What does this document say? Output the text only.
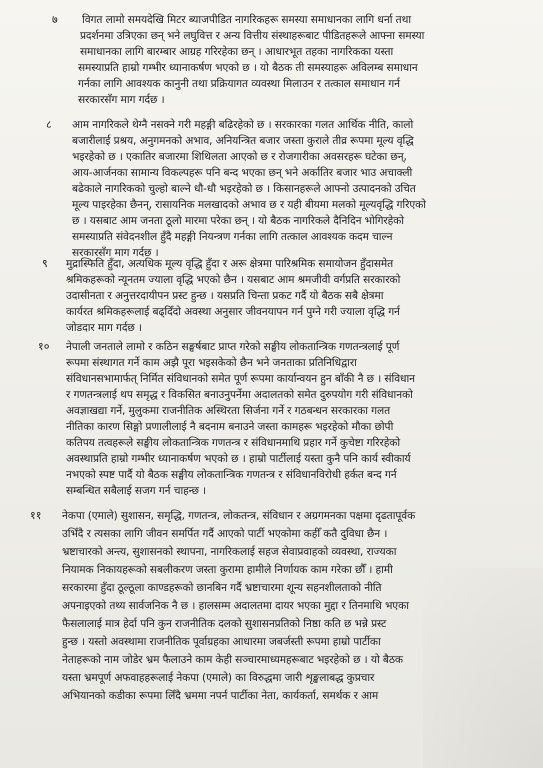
७ विगत लामो समयदेखि मिटर ब्याजपीडित नागरिकहरू समस्या समाधानका लागि धर्ना तथा
प्रदर्शनमा उत्रिएका छन् भने लघुवित्त र अन्य वित्तीय संस्थाहरूबाट पीडितहरूले आफ्ना समस्या
समाधानका लागि बारम्बार आग्रह गरिरहेका छन् । आधारभूत तहका नागरिकका यस्ता
समस्याप्रति हाम्रो गम्भीर ध्यानाकर्षण भएको छ । यो बैठक ती समस्याहरू अविलम्ब समाधान
गर्नका लागि आवश्यक कानुनी तथा प्रक्रियागत व्यवस्था मिलाउन र तत्काल समाधान गर्न
सरकारसँग माग गर्दछ ।
८ आम नागरिकले थेग्नै नसक्ने गरी महङ्गी बढिरहेको छ । सरकारका गलत आर्थिक नीति, कालो
बजारीलाई प्रश्रय, अनुगमनको अभाव, अनियन्त्रित बजार जस्ता कुराले तीव्र रूपमा मूल्य वृद्धि
भइरहेको छ । एकातिर बजारमा शिथिलता आएको छ र रोजगारीका अवसरहरू घटेका छन्,
आय-आर्जनका सामान्य विकल्पहरू पनि बन्द भएका छन् भने अर्कातिर बजार भाउ अचाक्ली
बढेकाले नागरिकको चुल्हो बाल्ने धौ-धौ भइरहेको छ । किसानहरूले आफ्नो उत्पादनको उचित
मूल्य पाइरहेका छैनन्, रासायनिक मलखादको अभाव छ र यही बीयमा मलको मूल्यवृद्धि गरिएको
छ । यसबाट आम जनता ठूलो मारमा परेका छन् । यो बैठक नागरिकले दैनिदिन भोगिरहेको
समस्याप्रति संवेदनशील हुँदै महङ्गी नियन्त्रण गर्नका लागि तत्काल आवश्यक कदम चाल्न
सरकारसँग माग गर्दछ ।
९ मुद्रास्फिति हुँदा, अत्यधिक मूल्य वृद्धि हुँदा र अरू क्षेत्रमा पारिश्रमिक समायोजन हुँदासमेत
श्रमिकहरूको न्यूनतम ज्याला वृद्धि भएको छैन । यसबाट आम श्रमजीवी वर्गप्रति सरकारको
उदासीनता र अनुत्तरदायीपन प्रस्ट हुन्छ । यसप्रति चिन्ता प्रकट गर्दै यो बैठक सबै क्षेत्रमा
कार्यरत श्रमिकहरूलाई बढ्दिँदो अवस्था अनुसार जीवनयापन गर्न पुग्ने गरी ज्याला वृद्धि गर्न
जोडदार माग गर्दछ ।
१० नेपाली जनताले लामो र कठिन सङ्घर्षबाट प्राप्त गरेको सङ्घीय लोकतान्त्रिक गणतन्त्रलाई पूर्ण
रूपमा संस्थागत गर्ने काम अझै पूरा भइसकेको छैन भने जनताका प्रतिनिधिद्वारा
संविधानसभामार्फत् निर्मित संविधानको समेत पूर्ण रूपमा कार्यान्वयन हुन बाँकी नै छ । संविधान
र गणतन्त्रलाई थप समृद्ध र विकसित बनाउनुपर्नेमा अदालतको समेत दुरुपयोग गरी संविधानको
अवज्ञाखद्या गर्ने, मुलुकमा राजनीतिक अस्थिरता सिर्जना गर्ने र गठबन्धन सरकारका गलत
नीतिका कारण सिङ्गो प्रणालीलाई नै बदनाम बनाउने जस्ता कामहरू भइरहेको मौका छोपी
कतिपय तत्वहरूले सङ्घीय लोकतान्त्रिक गणतन्त्र र संविधानमाथि प्रहार गर्ने कुचेष्टा गरिरहेको
अवस्थाप्रति हाम्रो गम्भीर ध्यानाकर्षण भएको छ । हाम्रो पार्टीलाई यस्ता कुनै पनि कार्य स्वीकार्य
नभएको स्पष्ट पार्दै यो बैठक सङ्घीय लोकतान्त्रिक गणतन्त्र र संविधानविरोधी हर्कत बन्द गर्न
सम्बन्धित सबैलाई सजग गर्न चाहन्छ ।
११ नेकपा (एमाले) सुशासन, समृद्धि, गणतन्त्र, लोकतन्त्र, संविधान र अग्रगमनका पक्षमा दृढतापूर्वक
उभिँदै र त्यसका लागि जीवन समर्पित गर्दै आएको पार्टी भएकोमा कहीँ कतै दुविधा छैन ।
भ्रष्टाचारको अन्त्य, सुशासनको स्थापना, नागरिकलाई सहज सेवाप्रवाहको व्यवस्था, राज्यका
नियामक निकायहरूको सबलीकरण जस्ता कुरामा हामीले निर्णायक काम गरेका छौँ । हामी
सरकारमा हुँदा ठूल्ठूला काण्डहरूको छानबिन गर्दै भ्रष्टाचारमा शून्य सहनशीलताको नीति
अपनाइएको तथ्य सार्वजनिक नै छ । हालसम्म अदालतमा दायर भएका मुद्दा र तिनमाथि भएका
फैसलालाई मात्र हेर्दा पनि कुन राजनीतिक दलको सुशासनप्रतिको निष्ठा कति छ भन्ने प्रस्ट
हुन्छ । यस्तो अवस्थामा राजनीतिक पूर्वाग्रहका आधारमा जबर्जस्ती रूपमा हाम्रो पार्टीका
नेताहरूको नाम जोडेर भ्रम फैलाउने काम केही सञ्चारमाध्यमहरूबाट भइरहेको छ । यो बैठक
यस्ता भ्रमपूर्ण अफवाहहरूलाई नेकपा (एमाले) का विरुद्धमा जारी शृङ्खलाबद्ध कुप्रचार
अभियानको कडीका रूपमा लिँदै भ्रममा नपर्न पार्टीका नेता, कार्यकर्ता, समर्थक र आम
